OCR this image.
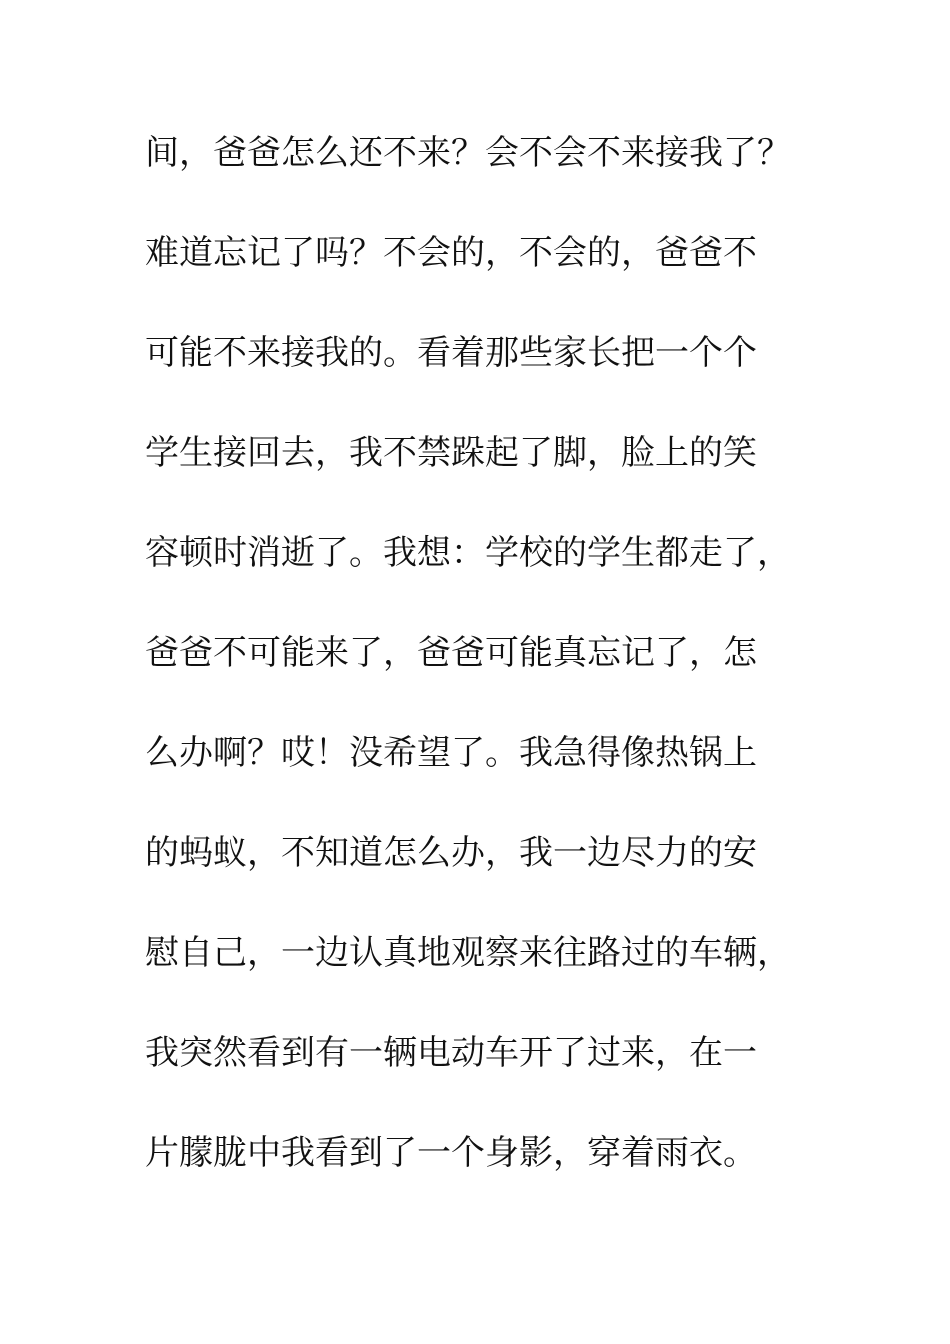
间，爸爸怎么还不来？会不会不来接我了？
难道忘记了吗？不会的，不会的，爸爸不
可能不来接我的。看着那些家长把一个个
学生接回去，我不禁跺起了脚，脸上的笑
容顿时消逝了。我想：学校的学生都走了，
爸爸不可能来了，爸爸可能真忘记了，怎
么办啊？哎！没希望了。我急得像热锅上
的蚂蚁，不知道怎么办，我一边尽力的安
慰自己，一边认真地观察来往路过的车辆，
我突然看到有一辆电动车开了过来，在一
片朦胧中我看到了一个身影，穿着雨衣。
